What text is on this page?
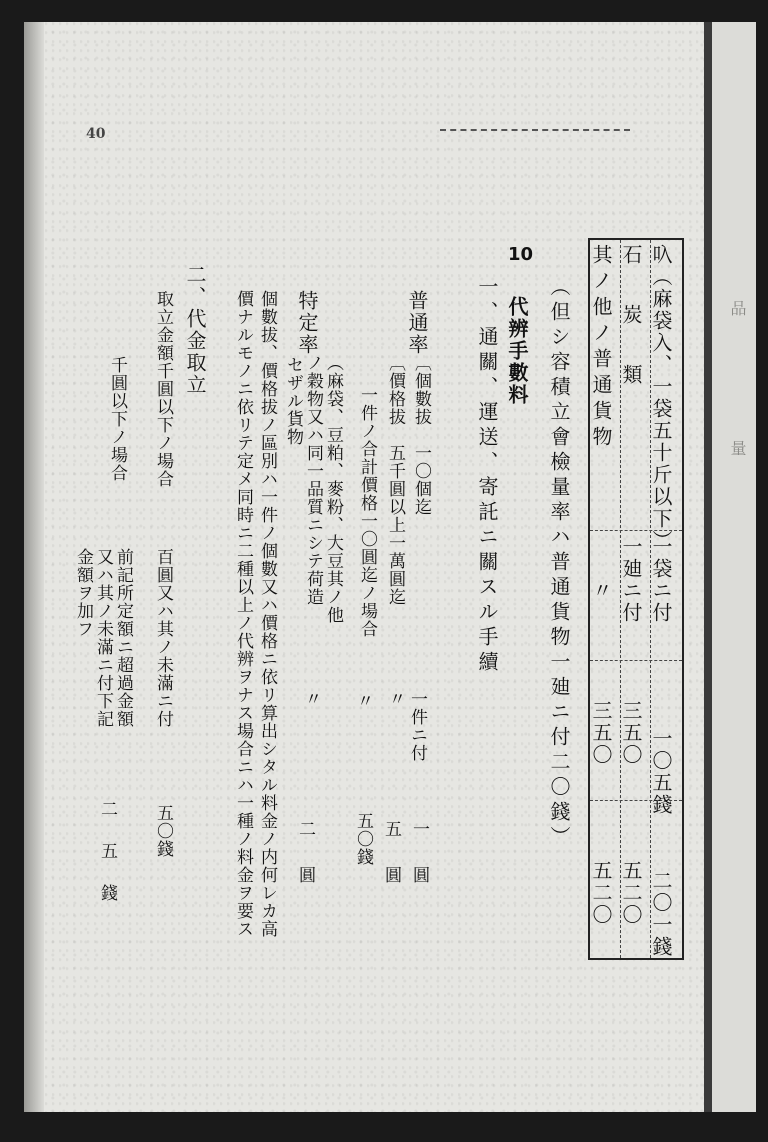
品
量
40
叺（麻袋入、一袋五十斤以下）
一袋ニ付
一〇五錢
二〇一錢
石　炭　類
一廸ニ付
三五〇
五二〇
其ノ他ノ普通貨物
〃
三五〇
五二〇
（但シ容積立會檢量率ハ普通貨物一廸ニ付二〇錢）
10
代辨手數料
一、通關、運送、寄託ニ關スル手續
普通率
〔個數拔　一〇個迄
〔價格拔　五千圓以上一萬圓迄
一件ニ付
一　圓
〃
五　圓
一件ノ合計價格一〇圓迄ノ場合
〃
五〇錢
特定率
（麻袋、豆粕、麥粉、大豆其ノ他
ノ穀物又ハ同一品質ニシテ荷造
セザル貨物
〃
二　圓
個數拔、價格拔ノ區別ハ一件ノ個數又ハ價格ニ依リ算出シタル料金ノ内何レカ高
價ナルモノニ依リテ定メ同時ニ二種以上ノ代辨ヲナス場合ニハ一種ノ料金ヲ要ス
二、代金取立
取立金額千圓以下ノ場合
百圓又ハ其ノ未滿ニ付
五〇錢
千圓以下ノ場合
前記所定額ニ超過金額
又ハ其ノ未滿ニ付下記
金額ヲ加フ
二　五　錢
